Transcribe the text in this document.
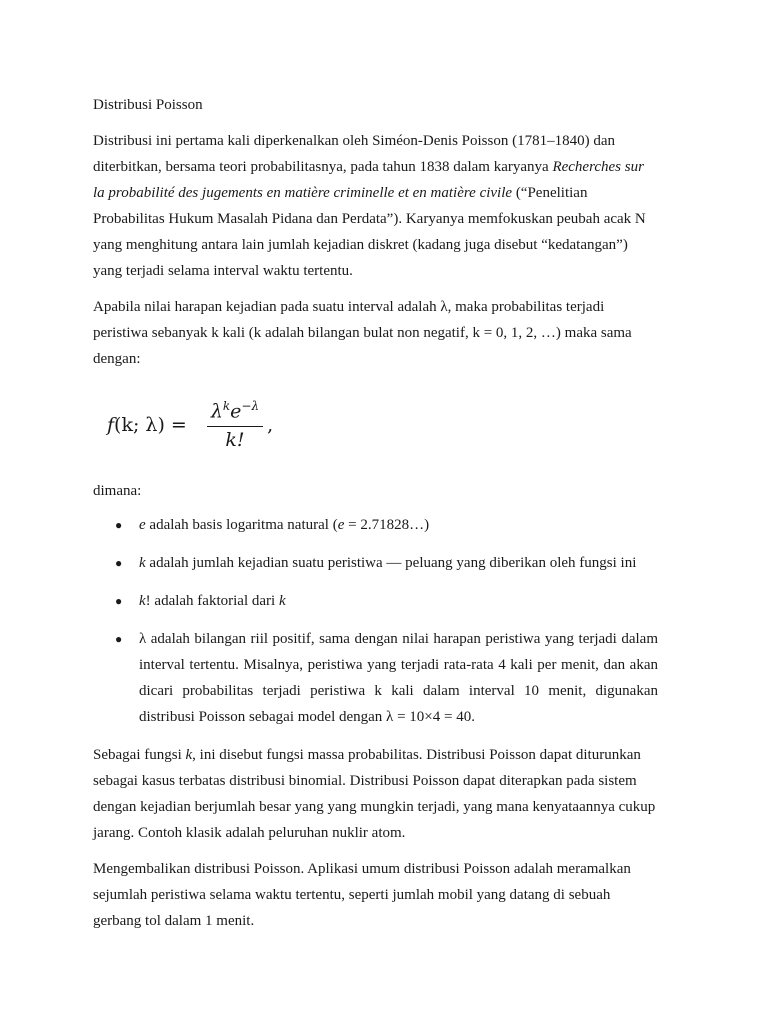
Distribusi Poisson

Distribusi ini pertama kali diperkenalkan oleh Siméon-Denis Poisson (1781–1840) dan diterbitkan, bersama teori probabilitasnya, pada tahun 1838 dalam karyanya Recherches sur la probabilité des jugements en matière criminelle et en matière civile (“Penelitian Probabilitas Hukum Masalah Pidana dan Perdata”). Karyanya memfokuskan peubah acak N yang menghitung antara lain jumlah kejadian diskret (kadang juga disebut “kedatangan”) yang terjadi selama interval waktu tertentu.

Apabila nilai harapan kejadian pada suatu interval adalah λ, maka probabilitas terjadi peristiwa sebanyak k kali (k adalah bilangan bulat non negatif, k = 0, 1, 2, …) maka sama dengan:

f(k; $\lambda) = \frac{\lambda^ke^{-\lambda}}{k!}$ ,

dimana:

● e adalah basis logaritma natural (e = 2.71828…)
● k adalah jumlah kejadian suatu peristiwa — peluang yang diberikan oleh fungsi ini
● k! adalah faktorial dari k
● λ adalah bilangan riil positif, sama dengan nilai harapan peristiwa yang terjadi dalam interval tertentu. Misalnya, peristiwa yang terjadi rata-rata 4 kali per menit, dan akan dicari probabilitas terjadi peristiwa k kali dalam interval 10 menit, digunakan distribusi Poisson sebagai model dengan λ = 10×4 = 40.

Sebagai fungsi k, ini disebut fungsi massa probabilitas. Distribusi Poisson dapat diturunkan sebagai kasus terbatas distribusi binomial. Distribusi Poisson dapat diterapkan pada sistem dengan kejadian berjumlah besar yang yang mungkin terjadi, yang mana kenyataannya cukup jarang. Contoh klasik adalah peluruhan nuklir atom.

Mengembalikan distribusi Poisson. Aplikasi umum distribusi Poisson adalah meramalkan sejumlah peristiwa selama waktu tertentu, seperti jumlah mobil yang datang di sebuah gerbang tol dalam 1 menit.
